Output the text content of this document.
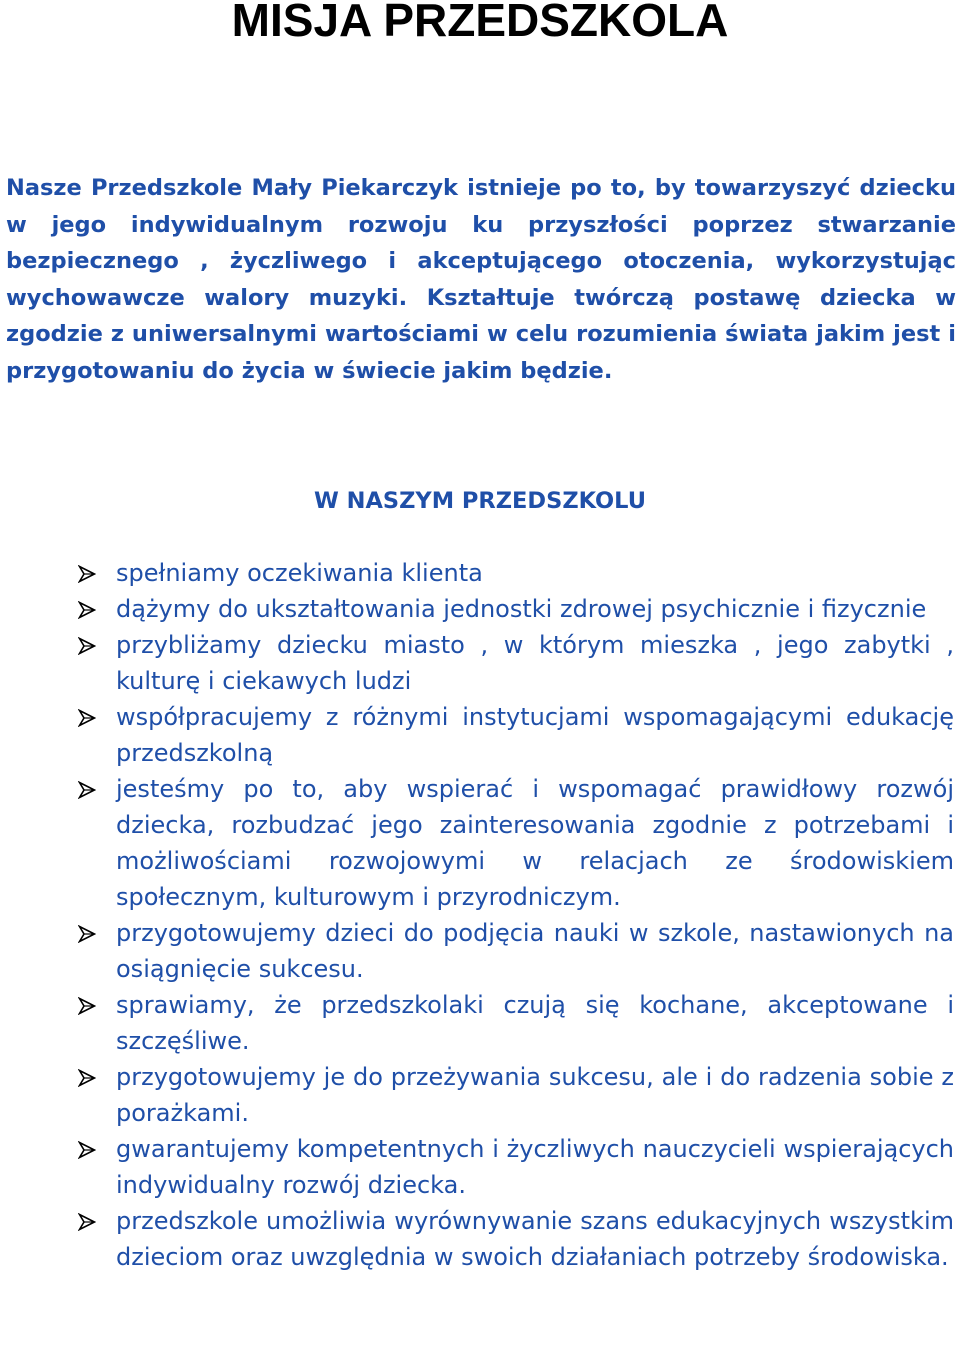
MISJA PRZEDSZKOLA

Nasze Przedszkole Mały Piekarczyk istnieje po to, by towarzyszyć dziecku w jego indywidualnym rozwoju ku przyszłości poprzez stwarzanie bezpiecznego , życzliwego i akceptującego otoczenia, wykorzystując wychowawcze walory muzyki. Kształtuje twórczą postawę dziecka w zgodzie z uniwersalnymi wartościami w celu rozumienia świata jakim jest i przygotowaniu do życia w świecie jakim będzie.

W NASZYM PRZEDSZKOLU
spełniamy oczekiwania klienta
dążymy do ukształtowania jednostki zdrowej psychicznie i fizycznie
przybliżamy dziecku miasto , w którym mieszka , jego zabytki , kulturę i ciekawych ludzi
współpracujemy z różnymi instytucjami wspomagającymi edukację przedszkolną
jesteśmy po to, aby wspierać i wspomagać prawidłowy rozwój dziecka, rozbudzać jego zainteresowania zgodnie z potrzebami i możliwościami rozwojowymi w relacjach ze środowiskiem społecznym, kulturowym i przyrodniczym.
przygotowujemy dzieci do podjęcia nauki w szkole, nastawionych na osiągnięcie sukcesu.
sprawiamy, że przedszkolaki czują się kochane, akceptowane i szczęśliwe.
przygotowujemy je do przeżywania sukcesu, ale i do radzenia sobie z porażkami.
gwarantujemy kompetentnych i życzliwych nauczycieli wspierających indywidualny rozwój dziecka.
przedszkole umożliwia wyrównywanie szans edukacyjnych wszystkim dzieciom oraz uwzględnia w swoich działaniach potrzeby środowiska.
